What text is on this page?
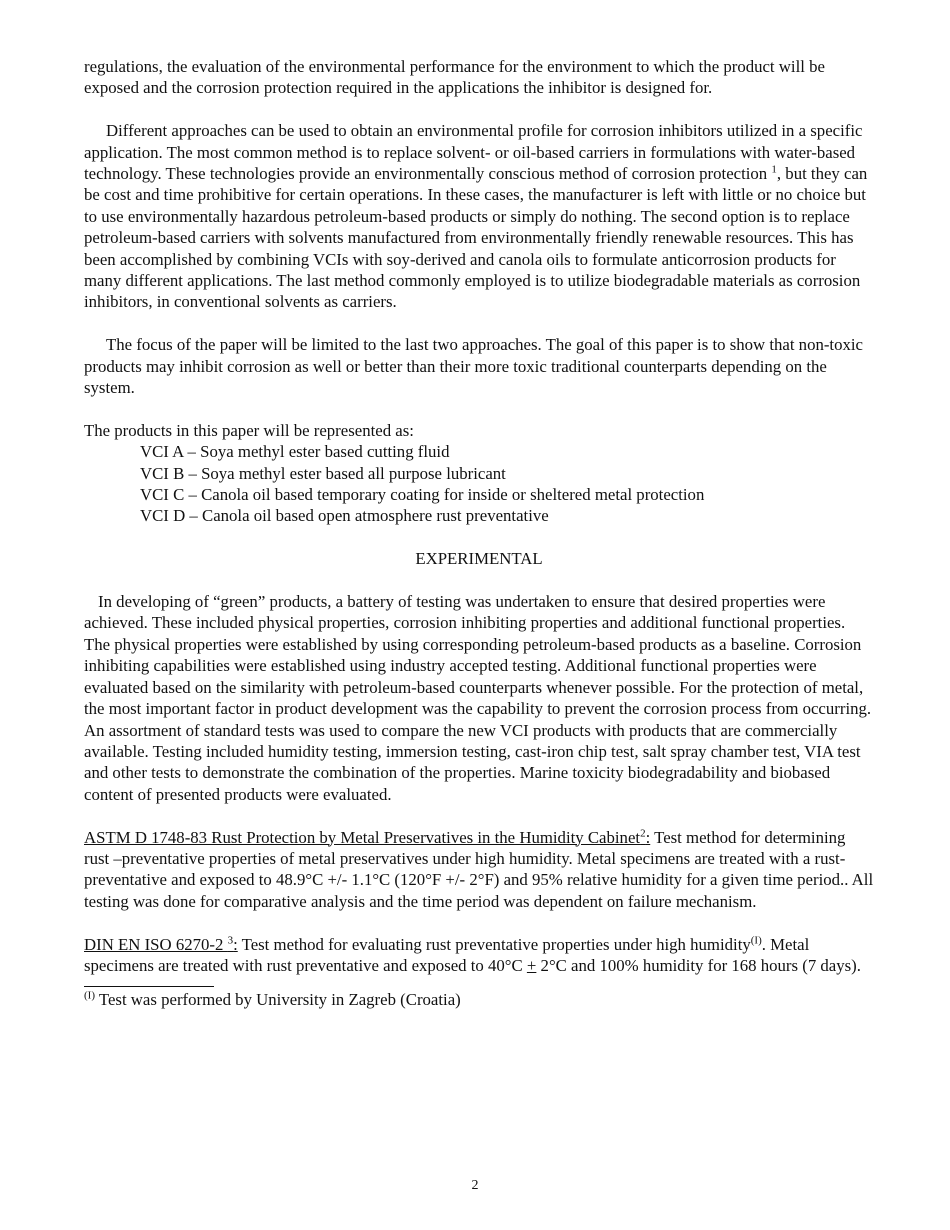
regulations, the evaluation of the environmental performance for the environment to which the product will be exposed and the corrosion protection required in the applications the inhibitor is designed for.

Different approaches can be used to obtain an environmental profile for corrosion inhibitors utilized in a specific application. The most common method is to replace solvent- or oil-based carriers in formulations with water-based technology. These technologies provide an environmentally conscious method of corrosion protection $^1$, but they can be cost and time prohibitive for certain operations. In these cases, the manufacturer is left with little or no choice but to use environmentally hazardous petroleum-based products or simply do nothing. The second option is to replace petroleum-based carriers with solvents manufactured from environmentally friendly renewable resources. This has been accomplished by combining VCIs with soy-derived and canola oils to formulate anticorrosion products for many different applications. The last method commonly employed is to utilize biodegradable materials as corrosion inhibitors, in conventional solvents as carriers.

The focus of the paper will be limited to the last two approaches. The goal of this paper is to show that non-toxic products may inhibit corrosion as well or better than their more toxic traditional counterparts depending on the system.

The products in this paper will be represented as:

VCI A – Soya methyl ester based cutting fluid
VCI B – Soya methyl ester based all purpose lubricant
VCI C – Canola oil based temporary coating for inside or sheltered metal protection
VCI D – Canola oil based open atmosphere rust preventative

EXPERIMENTAL

In developing of “green” products, a battery of testing was undertaken to ensure that desired properties were achieved. These included physical properties, corrosion inhibiting properties and additional functional properties. The physical properties were established by using corresponding petroleum-based products as a baseline. Corrosion inhibiting capabilities were established using industry accepted testing. Additional functional properties were evaluated based on the similarity with petroleum-based counterparts whenever possible. For the protection of metal, the most important factor in product development was the capability to prevent the corrosion process from occurring. An assortment of standard tests was used to compare the new VCI products with products that are commercially available. Testing included humidity testing, immersion testing, cast-iron chip test, salt spray chamber test, VIA test and other tests to demonstrate the combination of the properties. Marine toxicity biodegradability and biobased content of presented products were evaluated.

ASTM D 1748-83 Rust Protection by Metal Preservatives in the Humidity Cabinet$^2$: Test method for determining rust –preventative properties of metal preservatives under high humidity. Metal specimens are treated with a rust-preventative and exposed to 48.9°C +/- 1.1°C (120°F +/- 2°F) and 95% relative humidity for a given time period.. All testing was done for comparative analysis and the time period was dependent on failure mechanism.

DIN EN ISO 6270-2 $^3$: Test method for evaluating rust preventative properties under high humidity$^{(I)}$. Metal specimens are treated with rust preventative and exposed to 40°C + 2°C and 100% humidity for 168 hours (7 days).

$^{(I)}$ Test was performed by University in Zagreb (Croatia)

2
